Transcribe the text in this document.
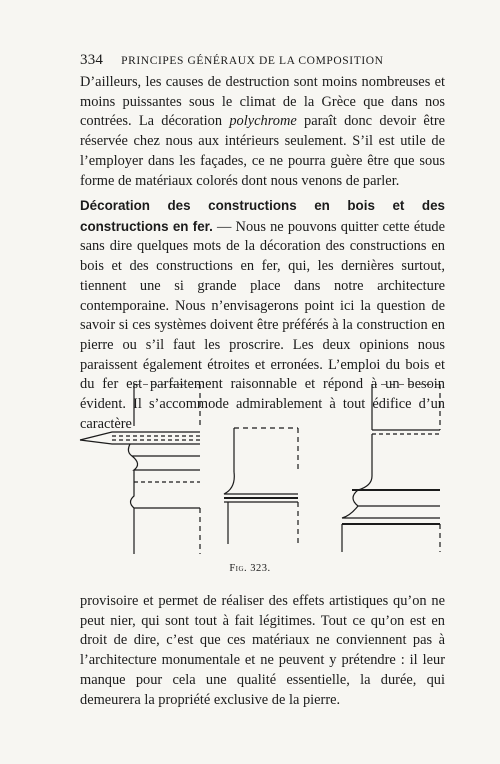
334 PRINCIPES GÉNÉRAUX DE LA COMPOSITION

D’ailleurs, les causes de destruction sont moins nombreuses et moins puissantes sous le climat de la Grèce que dans nos contrées. La décoration polychrome paraît donc devoir être réservée chez nous aux intérieurs seulement. S’il est utile de l’employer dans les façades, ce ne pourra guère être que sous forme de matériaux colorés dont nous venons de parler.

Décoration des constructions en bois et des constructions en fer. — Nous ne pouvons quitter cette étude sans dire quelques mots de la décoration des constructions en bois et des constructions en fer, qui, les dernières surtout, tiennent une si grande place dans notre architecture contemporaine. Nous n’envisagerons point ici la question de savoir si ces systèmes doivent être préférés à la construction en pierre ou s’il faut les proscrire. Les deux opinions nous paraissent également étroites et erronées. L’emploi du bois et du fer est parfaitement raisonnable et répond à un besoin évident. Il s’accommode admirablement à tout édifice d’un caractère

Fig. 323.

provisoire et permet de réaliser des effets artistiques qu’on ne peut nier, qui sont tout à fait légitimes. Tout ce qu’on est en droit de dire, c’est que ces matériaux ne conviennent pas à l’architecture monumentale et ne peuvent y prétendre : il leur manque pour cela une qualité essentielle, la durée, qui demeurera la propriété exclusive de la pierre.
